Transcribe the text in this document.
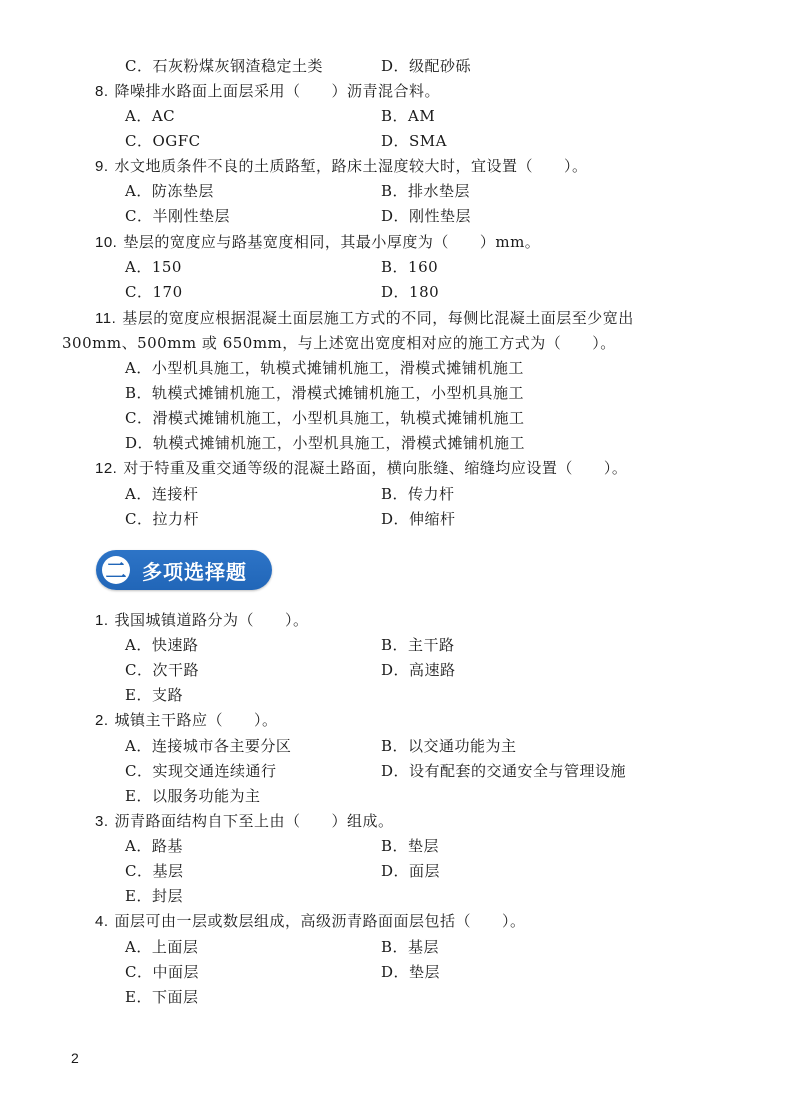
C．石灰粉煤灰钢渣稳定土类	D．级配砂砾
8. 降噪排水路面上面层采用（　　）沥青混合料。
A．AC	B．AM
C．OGFC	D．SMA
9. 水文地质条件不良的土质路堑，路床土湿度较大时，宜设置（　　）。
A．防冻垫层	B．排水垫层
C．半刚性垫层	D．刚性垫层
10. 垫层的宽度应与路基宽度相同，其最小厚度为（　　）mm。
A．150	B．160
C．170	D．180
11. 基层的宽度应根据混凝土面层施工方式的不同，每侧比混凝土面层至少宽出
300mm、500mm 或 650mm，与上述宽出宽度相对应的施工方式为（　　）。
A．小型机具施工，轨模式摊铺机施工，滑模式摊铺机施工
B．轨模式摊铺机施工，滑模式摊铺机施工，小型机具施工
C．滑模式摊铺机施工，小型机具施工，轨模式摊铺机施工
D．轨模式摊铺机施工，小型机具施工，滑模式摊铺机施工
12. 对于特重及重交通等级的混凝土路面，横向胀缝、缩缝均应设置（　　）。
A．连接杆	B．传力杆
C．拉力杆	D．伸缩杆
二 多项选择题
1. 我国城镇道路分为（　　）。
A．快速路	B．主干路
C．次干路	D．高速路
E．支路
2. 城镇主干路应（　　）。
A．连接城市各主要分区	B．以交通功能为主
C．实现交通连续通行	D．设有配套的交通安全与管理设施
E．以服务功能为主
3. 沥青路面结构自下至上由（　　）组成。
A．路基	B．垫层
C．基层	D．面层
E．封层
4. 面层可由一层或数层组成，高级沥青路面面层包括（　　）。
A．上面层	B．基层
C．中面层	D．垫层
E．下面层
2
